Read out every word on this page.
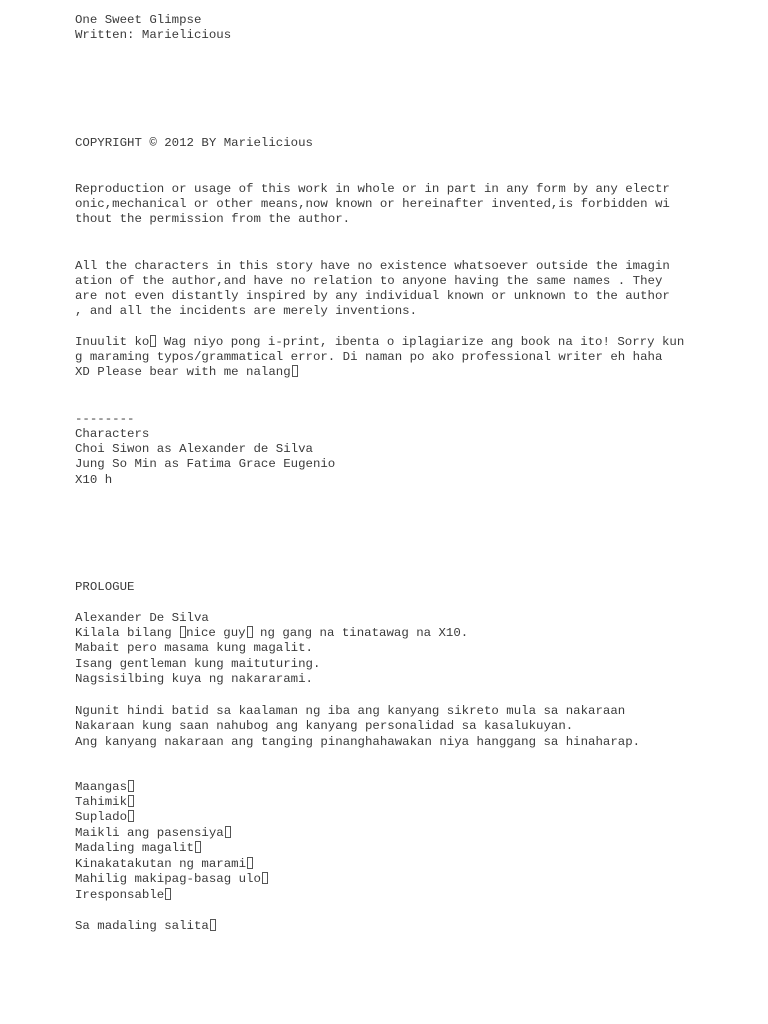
One Sweet Glimpse

Written: Marielicious

COPYRIGHT © 2012 BY Marielicious

Reproduction or usage of this work in whole or in part in any form by any electr

onic,mechanical or other means,now known or hereinafter invented,is forbidden wi

thout the permission from the author.

All the characters in this story have no existence whatsoever outside the imagin

ation of the author,and have no relation to anyone having the same names . They

are not even distantly inspired by any individual known or unknown to the author

, and all the incidents are merely inventions.

Inuulit ko Wag niyo pong i-print, ibenta o iplagiarize ang book na ito! Sorry kun

g maraming typos/grammatical error. Di naman po ako professional writer eh haha

XD Please bear with me nalang

--------

Characters

Choi Siwon as Alexander de Silva

Jung So Min as Fatima Grace Eugenio

X10 h

PROLOGUE

Alexander De Silva

Kilala bilang nice guy ng gang na tinatawag na X10.

Mabait pero masama kung magalit.

Isang gentleman kung maituturing.

Nagsisilbing kuya ng nakararami.

Ngunit hindi batid sa kaalaman ng iba ang kanyang sikreto mula sa nakaraan

Nakaraan kung saan nahubog ang kanyang personalidad sa kasalukuyan.

Ang kanyang nakaraan ang tanging pinanghahawakan niya hanggang sa hinaharap.

Maangas

Tahimik

Suplado

Maikli ang pasensiya

Madaling magalit

Kinakatakutan ng marami

Mahilig makipag-basag ulo

Iresponsable

Sa madaling salita
